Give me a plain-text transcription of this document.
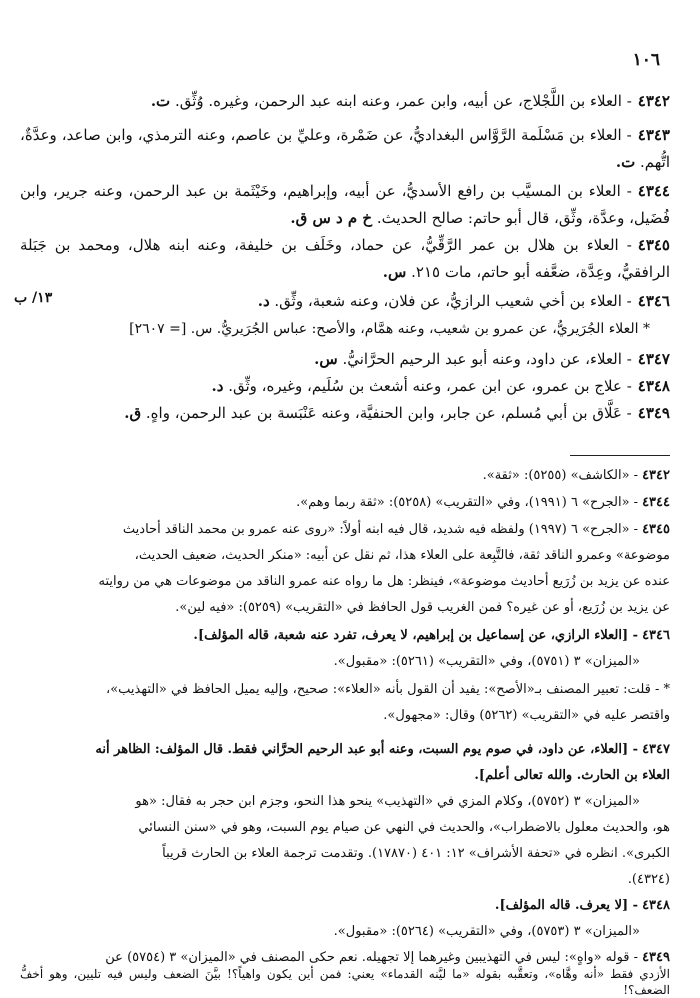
١٠٦
١٣/ ب
٤٣٤٢- العلاء بن اللَّجْلاج، عن أبيه، وابن عمر، وعنه ابنه عبد الرحمن، وغيره. وُثِّق. ت.
٤٣٤٣- العلاء بن مَسْلَمة الرَّوَّاس البغداديُّ، عن ضَمْرة، وعليِّ بن عاصم، وعنه الترمذي، وابن صاعد، وعدَّةٌ، اتُّهم. ت.
٤٣٤٤- العلاء بن المسيَّب بن رافع الأسديُّ، عن أبيه، وإبراهيم، وخَيْثَمة بن عبد الرحمن، وعنه جرير، وابن فُضَيل، وعدَّة، وثِّق، قال أبو حاتم: صالح الحديث. خ م د س ق.
٤٣٤٥- العلاء بن هلال بن عمر الرَّقِّيُّ، عن حماد، وخَلَف بن خليفة، وعنه ابنه هلال، ومحمد بن جَبَلة الرافقيُّ، وعِدَّة، ضعَّفه أبو حاتم، مات ٢١٥. س.
٤٣٤٦- العلاء بن أخي شعيب الرازيُّ، عن فلان، وعنه شعبة، وثِّق. د.
* العلاء الجُرَيريُّ، عن عمرو بن شعيب، وعنه همَّام، والأصح: عباس الجُرَيريُّ. س. [= ٢٦٠٧]
٤٣٤٧- العلاء، عن داود، وعنه أبو عبد الرحيم الحرَّانيُّ. س.
٤٣٤٨- علاج بن عمرو، عن ابن عمر، وعنه أشعث بن سُلَيم، وغيره، وثِّق. د.
٤٣٤٩- عَلَّاق بن أبي مُسلم، عن جابر، وابن الحنفيَّة، وعنه عَنْبَسة بن عبد الرحمن، واهٍ. ق.
٤٣٤٢- «الكاشف» (٥٢٥٥): «ثقة».
٤٣٤٤- «الجرح» ٦ (١٩٩١)، وفي «التقريب» (٥٢٥٨): «ثقة ربما وهم».
٤٣٤٥- «الجرح» ٦ (١٩٩٧) ولفظه فيه شديد، قال فيه ابنه أولاً: «روى عنه عمرو بن محمد الناقد أحاديث
موضوعة» وعمرو الناقد ثقة، فالتَّبِعة على العلاء هذا، ثم نقل عن أبيه: «منكر الحديث، ضعيف الحديث،
عنده عن يزيد بن زُرَيع أحاديث موضوعة»، فينظر: هل ما رواه عنه عمرو الناقد من موضوعات هي من روايته
عن يزيد بن زُرَيع، أو عن غيره؟ فمن الغريب قول الحافظ في «التقريب» (٥٢٥٩): «فيه لين».
٤٣٤٦- [العلاء الرازي، عن إسماعيل بن إبراهيم، لا يعرف، تفرد عنه شعبة، قاله المؤلف].
«الميزان» ٣ (٥٧٥١)، وفي «التقريب» (٥٢٦١): «مقبول».
* - قلت: تعبير المصنف بـ«الأصح»: يفيد أن القول بأنه «العلاء»: صحيح، وإليه يميل الحافظ في «التهذيب»،
واقتصر عليه في «التقريب» (٥٢٦٢) وقال: «مجهول».
٤٣٤٧- [العلاء، عن داود، في صوم يوم السبت، وعنه أبو عبد الرحيم الحرَّاني فقط. قال المؤلف: الظاهر أنه
العلاء بن الحارث. والله تعالى أعلم].
«الميزان» ٣ (٥٧٥٢)، وكلام المزي في «التهذيب» ينحو هذا النحو، وجزم ابن حجر به فقال: «هو
هو، والحديث معلول بالاضطراب»، والحديث في النهي عن صيام يوم السبت، وهو في «سنن النسائي
الكبرى». انظره في «تحفة الأشراف» ١٢: ٤٠١ (١٧٨٧٠). وتقدمت ترجمة العلاء بن الحارث قريباً
(٤٣٢٤).
٤٣٤٨- [لا يعرف. قاله المؤلف].
«الميزان» ٣ (٥٧٥٣)، وفي «التقريب» (٥٢٦٤): «مقبول».
٤٣٤٩- قوله «واهٍ»: ليس في التهذيبين وغيرهما إلا تجهيله. نعم حكى المصنف في «الميزان» ٣ (٥٧٥٤) عن
الأزدي فقط «أنه وهَّاه»، وتعقَّبه بقوله «ما ليَّنه القدماء» يعني: فمن أين يكون واهياً؟! بيَّنَ الضعف وليس فيه تليين، وهو أخفُّ الضعف؟!
